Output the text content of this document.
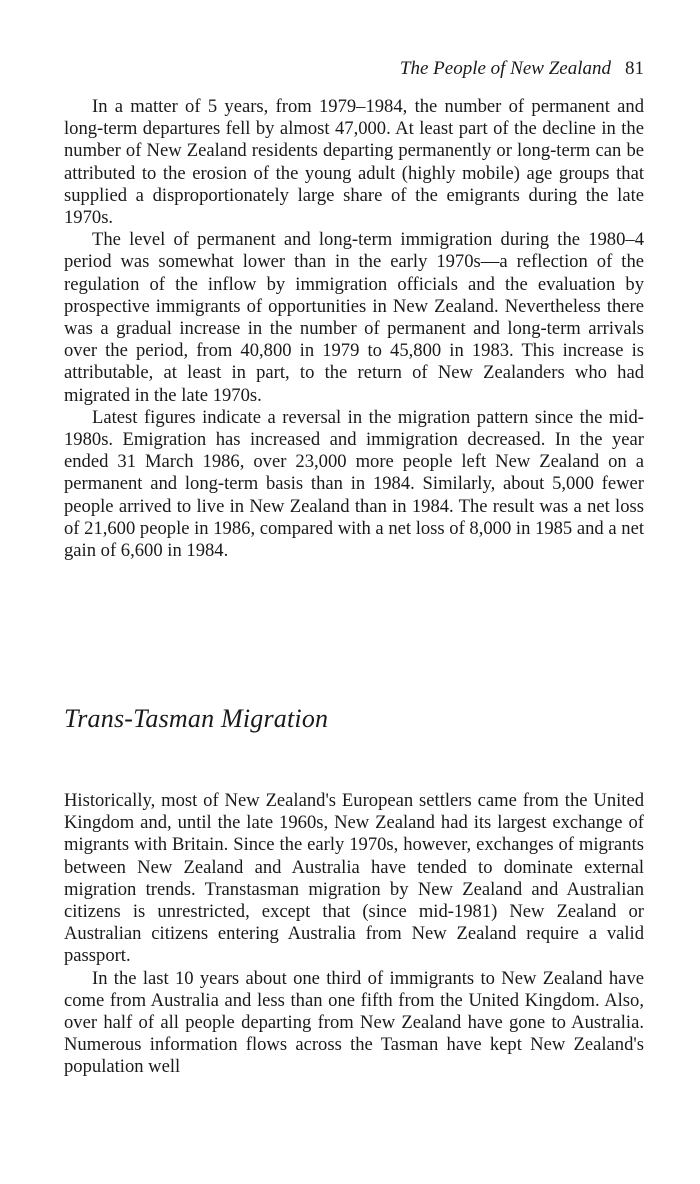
The People of New Zealand 81

In a matter of 5 years, from 1979–1984, the number of permanent and long-term departures fell by almost 47,000. At least part of the decline in the number of New Zealand residents departing permanently or long-term can be attributed to the erosion of the young adult (highly mobile) age groups that supplied a disproportionately large share of the emigrants during the late 1970s.

The level of permanent and long-term immigration during the 1980–4 period was somewhat lower than in the early 1970s—a reflection of the regulation of the inflow by immigration officials and the evaluation by prospective immigrants of opportunities in New Zealand. Nevertheless there was a gradual increase in the number of permanent and long-term arrivals over the period, from 40,800 in 1979 to 45,800 in 1983. This increase is attributable, at least in part, to the return of New Zealanders who had migrated in the late 1970s.

Latest figures indicate a reversal in the migration pattern since the mid-1980s. Emigration has increased and immigration decreased. In the year ended 31 March 1986, over 23,000 more people left New Zealand on a permanent and long-term basis than in 1984. Similarly, about 5,000 fewer people arrived to live in New Zealand than in 1984. The result was a net loss of 21,600 people in 1986, compared with a net loss of 8,000 in 1985 and a net gain of 6,600 in 1984.

Trans-Tasman Migration

Historically, most of New Zealand's European settlers came from the United Kingdom and, until the late 1960s, New Zealand had its largest exchange of migrants with Britain. Since the early 1970s, however, exchanges of migrants between New Zealand and Australia have tended to dominate external migration trends. Transtasman migration by New Zealand and Australian citizens is unrestricted, except that (since mid-1981) New Zealand or Australian citizens entering Australia from New Zealand require a valid passport.

In the last 10 years about one third of immigrants to New Zealand have come from Australia and less than one fifth from the United Kingdom. Also, over half of all people departing from New Zealand have gone to Australia. Numerous information flows across the Tasman have kept New Zealand's population well
